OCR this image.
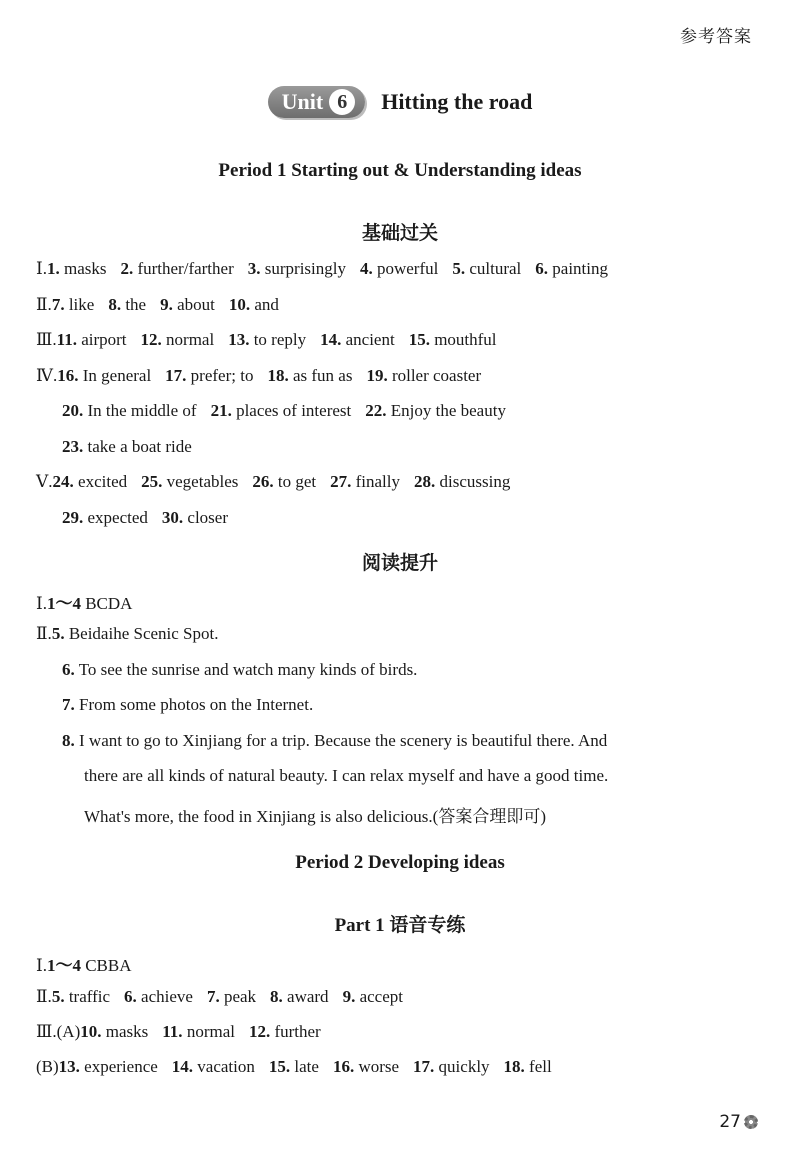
参考答案
Unit 6	Hitting the road
Period 1 Starting out & Understanding ideas
基础过关
Ⅰ.1. masks 2. further/farther 3. surprisingly 4. powerful 5. cultural 6. painting
Ⅱ.7. like 8. the 9. about 10. and
Ⅲ.11. airport 12. normal 13. to reply 14. ancient 15. mouthful
Ⅳ.16. In general 17. prefer; to 18. as fun as 19. roller coaster
20. In the middle of 21. places of interest 22. Enjoy the beauty
23. take a boat ride
Ⅴ.24. excited 25. vegetables 26. to get 27. finally 28. discussing
29. expected 30. closer
阅读提升
Ⅰ.1～4 BCDA
Ⅱ.5. Beidaihe Scenic Spot.
6. To see the sunrise and watch many kinds of birds.
7. From some photos on the Internet.
8. I want to go to Xinjiang for a trip. Because the scenery is beautiful there. And
there are all kinds of natural beauty. I can relax myself and have a good time.
What's more, the food in Xinjiang is also delicious.(答案合理即可)
Period 2 Developing ideas
Part 1 语音专练
Ⅰ.1～4 CBBA
Ⅱ.5. traffic 6. achieve 7. peak 8. award 9. accept
Ⅲ.(A)10. masks 11. normal 12. further
(B)13. experience 14. vacation 15. late 16. worse 17. quickly 18. fell
27
